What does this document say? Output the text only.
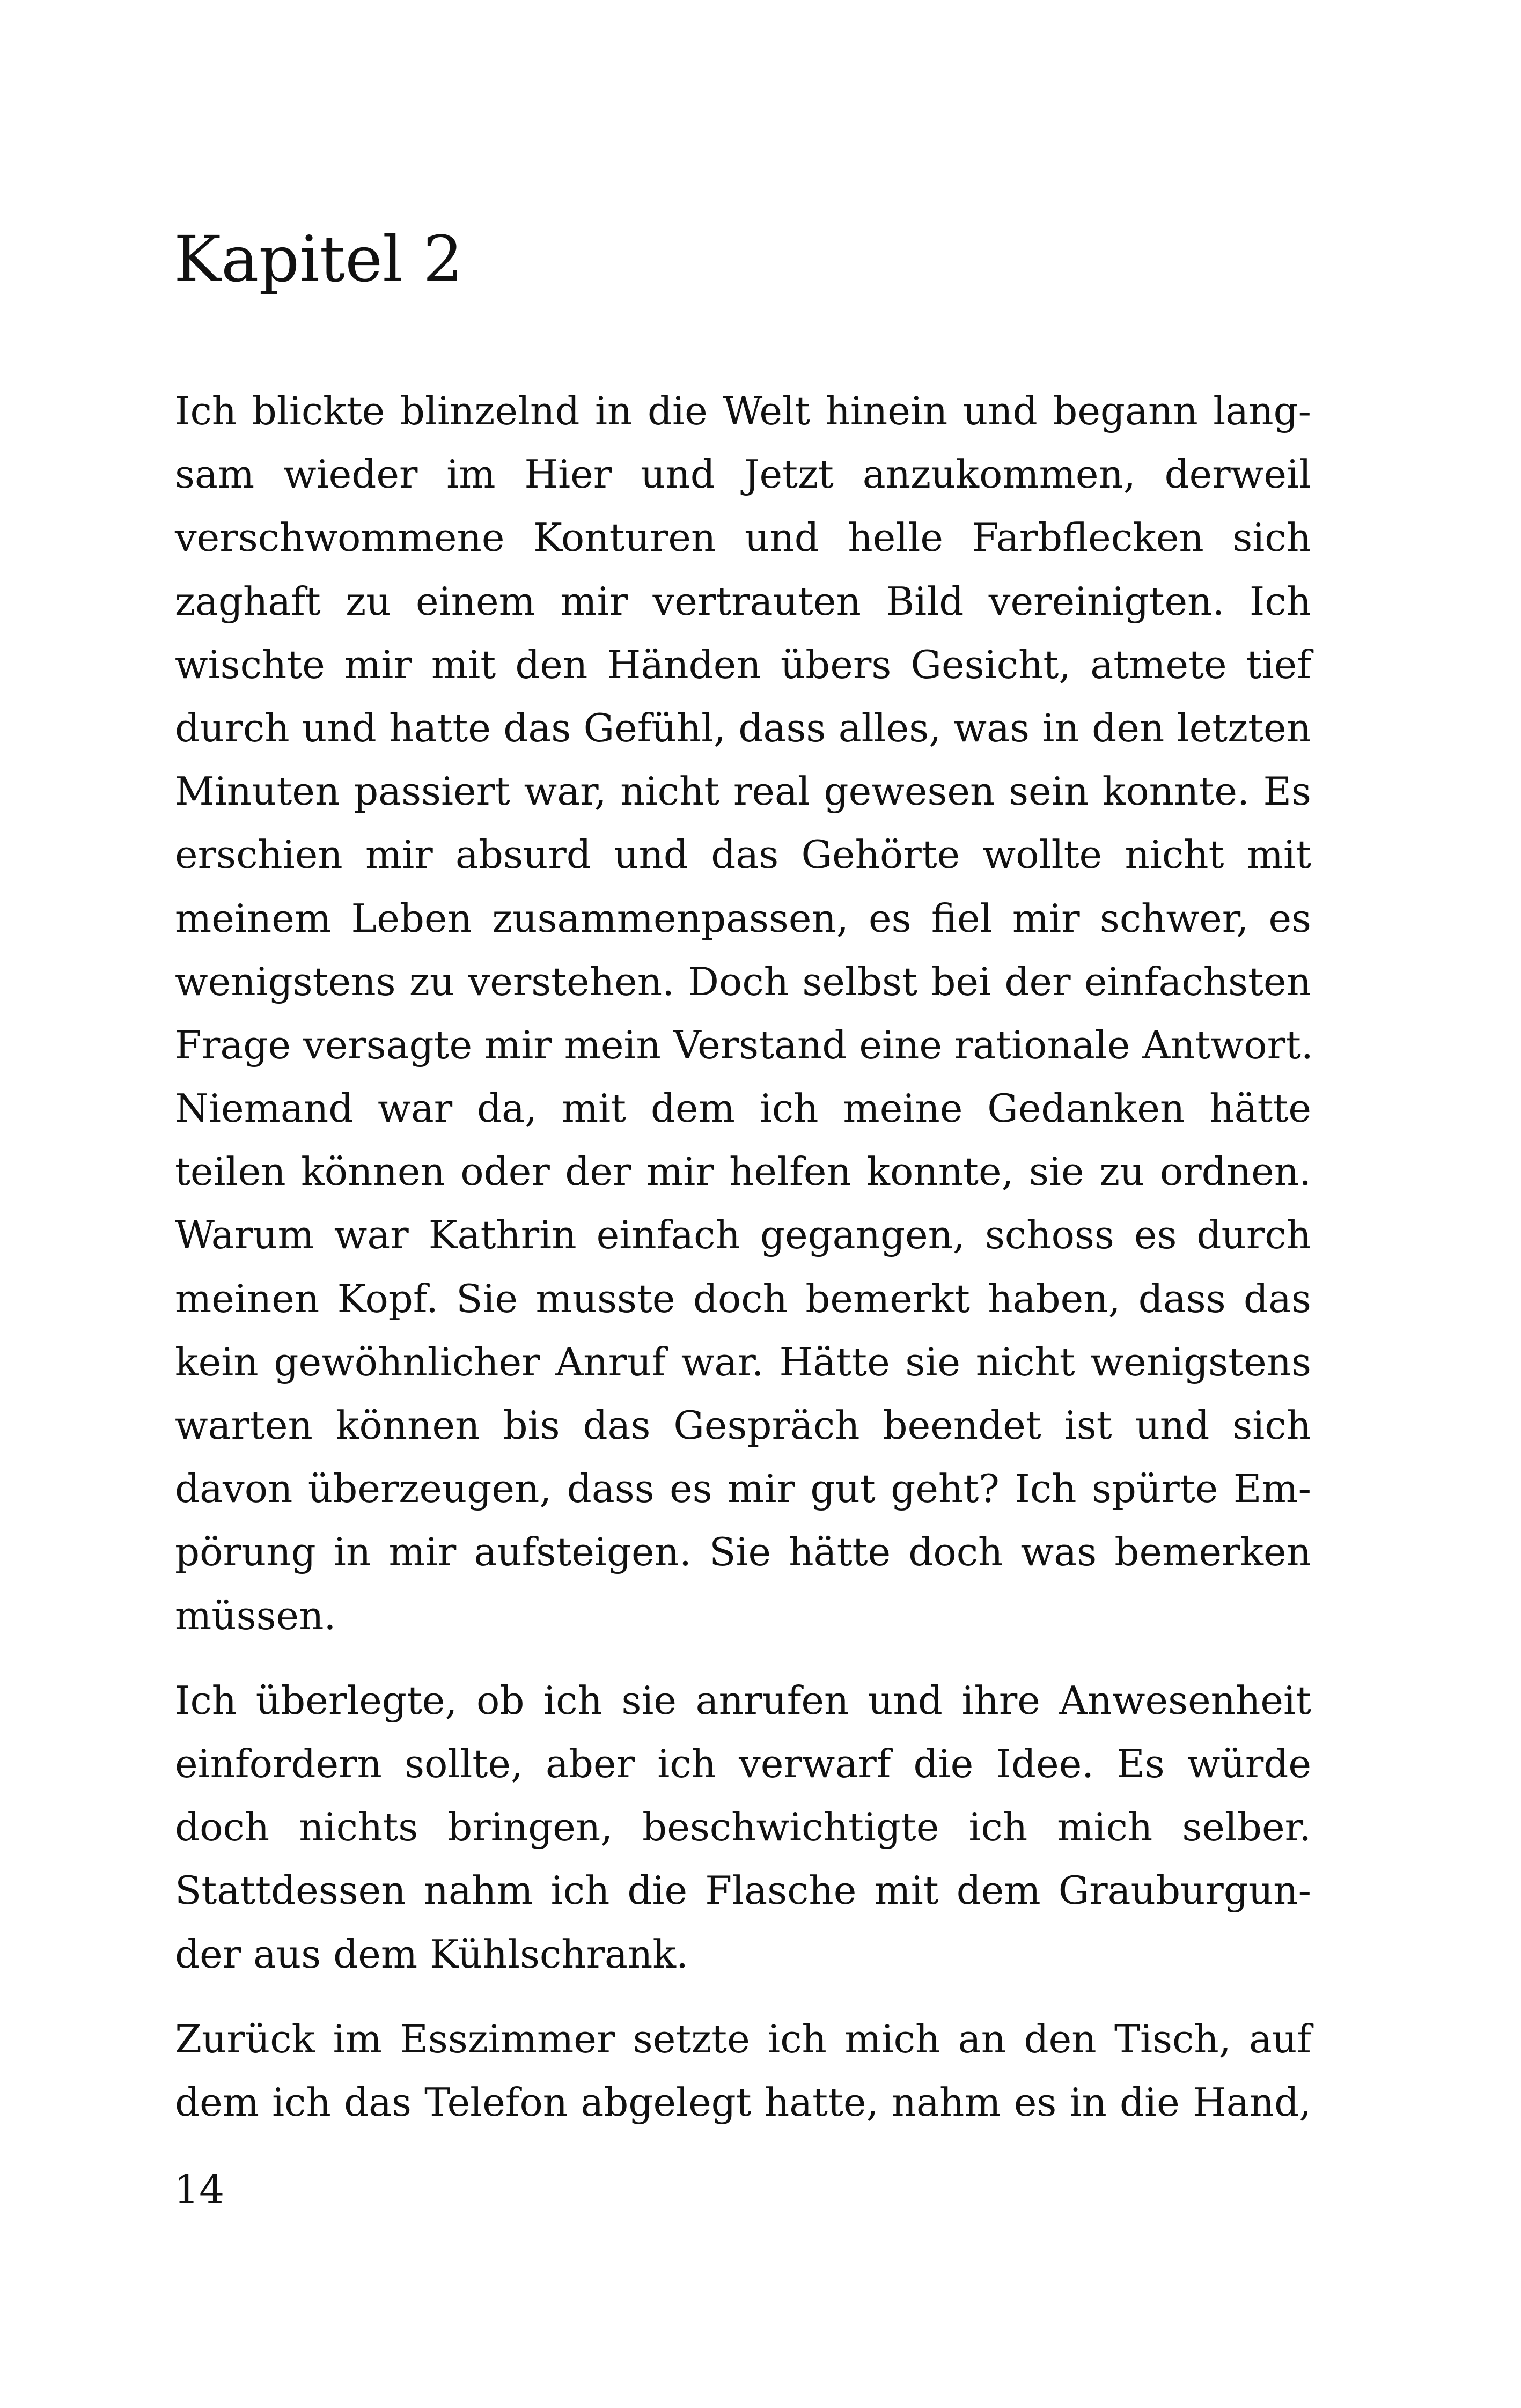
Kapitel 2

Ich blickte blinzelnd in die Welt hinein und begann lang-
sam wieder im Hier und Jetzt anzukommen, derweil
verschwommene Konturen und helle Farbflecken sich
zaghaft zu einem mir vertrauten Bild vereinigten. Ich
wischte mir mit den Händen übers Gesicht, atmete tief
durch und hatte das Gefühl, dass alles, was in den letzten
Minuten passiert war, nicht real gewesen sein konnte. Es
erschien mir absurd und das Gehörte wollte nicht mit
meinem Leben zusammenpassen, es fiel mir schwer, es
wenigstens zu verstehen. Doch selbst bei der einfachsten
Frage versagte mir mein Verstand eine rationale Antwort.
Niemand war da, mit dem ich meine Gedanken hätte
teilen können oder der mir helfen konnte, sie zu ordnen.
Warum war Kathrin einfach gegangen, schoss es durch
meinen Kopf. Sie musste doch bemerkt haben, dass das
kein gewöhnlicher Anruf war. Hätte sie nicht wenigstens
warten können bis das Gespräch beendet ist und sich
davon überzeugen, dass es mir gut geht? Ich spürte Em-
pörung in mir aufsteigen. Sie hätte doch was bemerken
müssen.

Ich überlegte, ob ich sie anrufen und ihre Anwesenheit
einfordern sollte, aber ich verwarf die Idee. Es würde
doch nichts bringen, beschwichtigte ich mich selber.
Stattdessen nahm ich die Flasche mit dem Grauburgun-
der aus dem Kühlschrank.

Zurück im Esszimmer setzte ich mich an den Tisch, auf
dem ich das Telefon abgelegt hatte, nahm es in die Hand,

14
